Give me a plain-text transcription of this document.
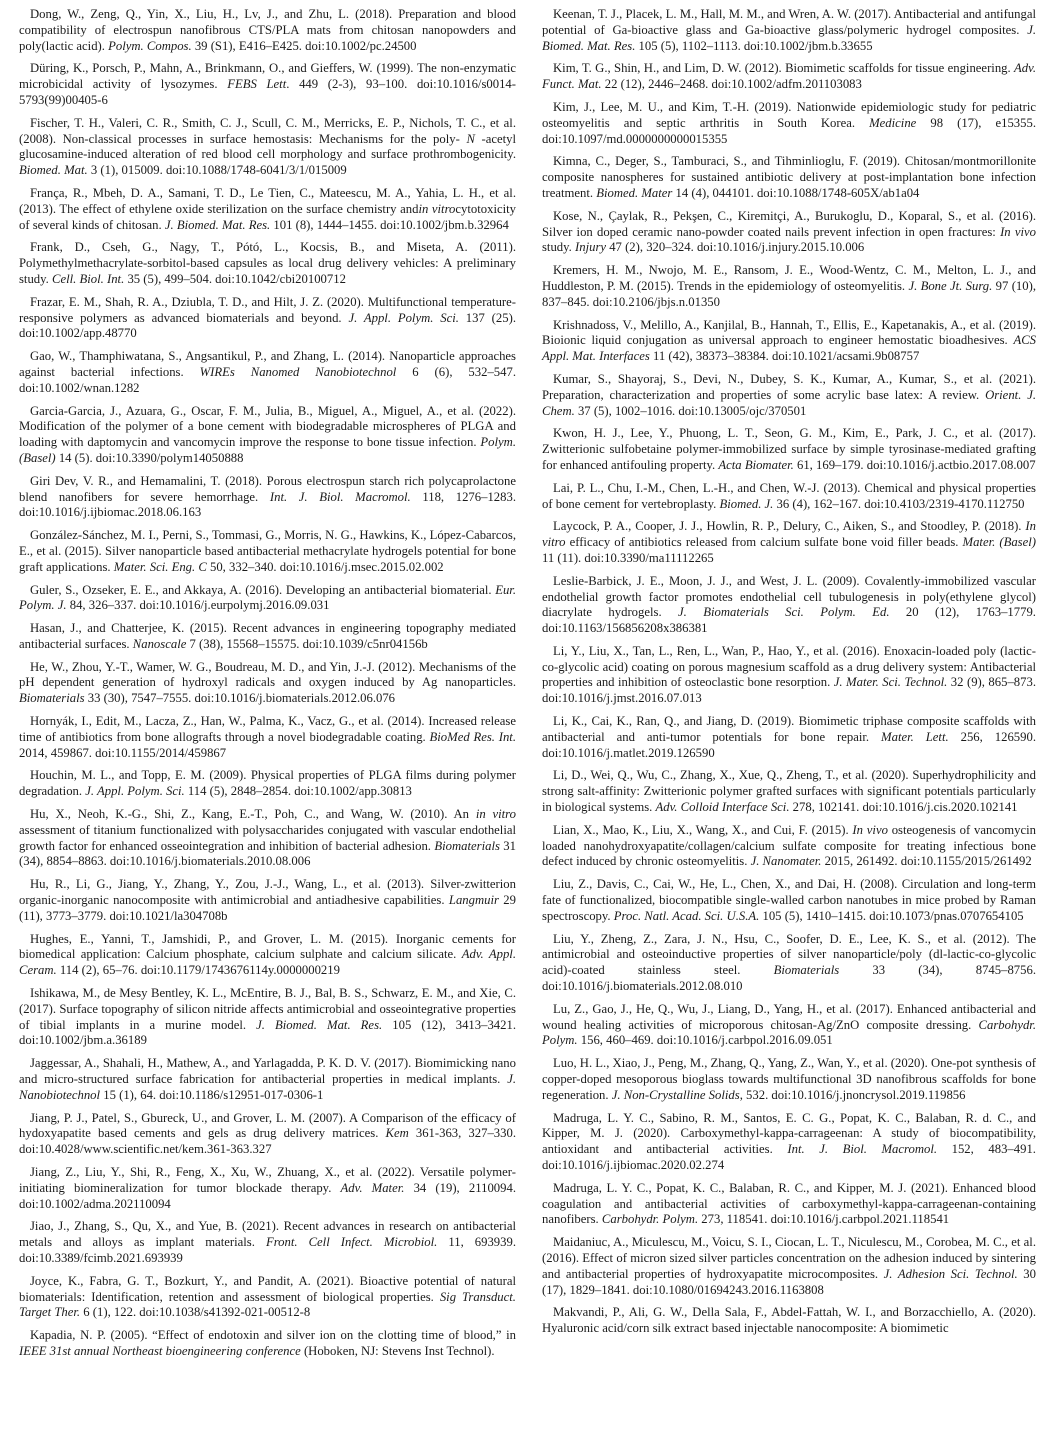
Dong, W., Zeng, Q., Yin, X., Liu, H., Lv, J., and Zhu, L. (2018). Preparation and blood compatibility of electrospun nanofibrous CTS/PLA mats from chitosan nanopowders and poly(lactic acid). Polym. Compos. 39 (S1), E416–E425. doi:10.1002/pc.24500

Düring, K., Porsch, P., Mahn, A., Brinkmann, O., and Gieffers, W. (1999). The non-enzymatic microbicidal activity of lysozymes. FEBS Lett. 449 (2-3), 93–100. doi:10.1016/s0014-5793(99)00405-6

Fischer, T. H., Valeri, C. R., Smith, C. J., Scull, C. M., Merricks, E. P., Nichols, T. C., et al. (2008). Non-classical processes in surface hemostasis: Mechanisms for the poly- N -acetyl glucosamine-induced alteration of red blood cell morphology and surface prothrombogenicity. Biomed. Mat. 3 (1), 015009. doi:10.1088/1748-6041/3/1/015009

França, R., Mbeh, D. A., Samani, T. D., Le Tien, C., Mateescu, M. A., Yahia, L. H., et al. (2013). The effect of ethylene oxide sterilization on the surface chemistry andin vitrocytotoxicity of several kinds of chitosan. J. Biomed. Mat. Res. 101 (8), 1444–1455. doi:10.1002/jbm.b.32964

Frank, D., Cseh, G., Nagy, T., Pótó, L., Kocsis, B., and Miseta, A. (2011). Polymethylmethacrylate-sorbitol-based capsules as local drug delivery vehicles: A preliminary study. Cell. Biol. Int. 35 (5), 499–504. doi:10.1042/cbi20100712

Frazar, E. M., Shah, R. A., Dziubla, T. D., and Hilt, J. Z. (2020). Multifunctional temperature-responsive polymers as advanced biomaterials and beyond. J. Appl. Polym. Sci. 137 (25). doi:10.1002/app.48770

Gao, W., Thamphiwatana, S., Angsantikul, P., and Zhang, L. (2014). Nanoparticle approaches against bacterial infections. WIREs Nanomed Nanobiotechnol 6 (6), 532–547. doi:10.1002/wnan.1282

Garcia-Garcia, J., Azuara, G., Oscar, F. M., Julia, B., Miguel, A., Miguel, A., et al. (2022). Modification of the polymer of a bone cement with biodegradable microspheres of PLGA and loading with daptomycin and vancomycin improve the response to bone tissue infection. Polym. (Basel) 14 (5). doi:10.3390/polym14050888

Giri Dev, V. R., and Hemamalini, T. (2018). Porous electrospun starch rich polycaprolactone blend nanofibers for severe hemorrhage. Int. J. Biol. Macromol. 118, 1276–1283. doi:10.1016/j.ijbiomac.2018.06.163

González-Sánchez, M. I., Perni, S., Tommasi, G., Morris, N. G., Hawkins, K., López-Cabarcos, E., et al. (2015). Silver nanoparticle based antibacterial methacrylate hydrogels potential for bone graft applications. Mater. Sci. Eng. C 50, 332–340. doi:10.1016/j.msec.2015.02.002

Guler, S., Ozseker, E. E., and Akkaya, A. (2016). Developing an antibacterial biomaterial. Eur. Polym. J. 84, 326–337. doi:10.1016/j.eurpolymj.2016.09.031

Hasan, J., and Chatterjee, K. (2015). Recent advances in engineering topography mediated antibacterial surfaces. Nanoscale 7 (38), 15568–15575. doi:10.1039/c5nr04156b

He, W., Zhou, Y.-T., Wamer, W. G., Boudreau, M. D., and Yin, J.-J. (2012). Mechanisms of the pH dependent generation of hydroxyl radicals and oxygen induced by Ag nanoparticles. Biomaterials 33 (30), 7547–7555. doi:10.1016/j.biomaterials.2012.06.076

Hornyák, I., Edit, M., Lacza, Z., Han, W., Palma, K., Vacz, G., et al. (2014). Increased release time of antibiotics from bone allografts through a novel biodegradable coating. BioMed Res. Int. 2014, 459867. doi:10.1155/2014/459867

Houchin, M. L., and Topp, E. M. (2009). Physical properties of PLGA films during polymer degradation. J. Appl. Polym. Sci. 114 (5), 2848–2854. doi:10.1002/app.30813

Hu, X., Neoh, K.-G., Shi, Z., Kang, E.-T., Poh, C., and Wang, W. (2010). An in vitro assessment of titanium functionalized with polysaccharides conjugated with vascular endothelial growth factor for enhanced osseointegration and inhibition of bacterial adhesion. Biomaterials 31 (34), 8854–8863. doi:10.1016/j.biomaterials.2010.08.006

Hu, R., Li, G., Jiang, Y., Zhang, Y., Zou, J.-J., Wang, L., et al. (2013). Silver-zwitterion organic-inorganic nanocomposite with antimicrobial and antiadhesive capabilities. Langmuir 29 (11), 3773–3779. doi:10.1021/la304708b

Hughes, E., Yanni, T., Jamshidi, P., and Grover, L. M. (2015). Inorganic cements for biomedical application: Calcium phosphate, calcium sulphate and calcium silicate. Adv. Appl. Ceram. 114 (2), 65–76. doi:10.1179/1743676114y.0000000219

Ishikawa, M., de Mesy Bentley, K. L., McEntire, B. J., Bal, B. S., Schwarz, E. M., and Xie, C. (2017). Surface topography of silicon nitride affects antimicrobial and osseointegrative properties of tibial implants in a murine model. J. Biomed. Mat. Res. 105 (12), 3413–3421. doi:10.1002/jbm.a.36189

Jaggessar, A., Shahali, H., Mathew, A., and Yarlagadda, P. K. D. V. (2017). Biomimicking nano and micro-structured surface fabrication for antibacterial properties in medical implants. J. Nanobiotechnol 15 (1), 64. doi:10.1186/s12951-017-0306-1

Jiang, P. J., Patel, S., Gbureck, U., and Grover, L. M. (2007). A Comparison of the efficacy of hydoxyapatite based cements and gels as drug delivery matrices. Kem 361-363, 327–330. doi:10.4028/www.scientific.net/kem.361-363.327

Jiang, Z., Liu, Y., Shi, R., Feng, X., Xu, W., Zhuang, X., et al. (2022). Versatile polymer-initiating biomineralization for tumor blockade therapy. Adv. Mater. 34 (19), 2110094. doi:10.1002/adma.202110094

Jiao, J., Zhang, S., Qu, X., and Yue, B. (2021). Recent advances in research on antibacterial metals and alloys as implant materials. Front. Cell Infect. Microbiol. 11, 693939. doi:10.3389/fcimb.2021.693939

Joyce, K., Fabra, G. T., Bozkurt, Y., and Pandit, A. (2021). Bioactive potential of natural biomaterials: Identification, retention and assessment of biological properties. Sig Transduct. Target Ther. 6 (1), 122. doi:10.1038/s41392-021-00512-8

Kapadia, N. P. (2005). “Effect of endotoxin and silver ion on the clotting time of blood,” in IEEE 31st annual Northeast bioengineering conference (Hoboken, NJ: Stevens Inst Technol).

Keenan, T. J., Placek, L. M., Hall, M. M., and Wren, A. W. (2017). Antibacterial and antifungal potential of Ga-bioactive glass and Ga-bioactive glass/polymeric hydrogel composites. J. Biomed. Mat. Res. 105 (5), 1102–1113. doi:10.1002/jbm.b.33655

Kim, T. G., Shin, H., and Lim, D. W. (2012). Biomimetic scaffolds for tissue engineering. Adv. Funct. Mat. 22 (12), 2446–2468. doi:10.1002/adfm.201103083

Kim, J., Lee, M. U., and Kim, T.-H. (2019). Nationwide epidemiologic study for pediatric osteomyelitis and septic arthritis in South Korea. Medicine 98 (17), e15355. doi:10.1097/md.0000000000015355

Kimna, C., Deger, S., Tamburaci, S., and Tihminlioglu, F. (2019). Chitosan/montmorillonite composite nanospheres for sustained antibiotic delivery at post-implantation bone infection treatment. Biomed. Mater 14 (4), 044101. doi:10.1088/1748-605X/ab1a04

Kose, N., Çaylak, R., Pekşen, C., Kiremitçi, A., Burukoglu, D., Koparal, S., et al. (2016). Silver ion doped ceramic nano-powder coated nails prevent infection in open fractures: In vivo study. Injury 47 (2), 320–324. doi:10.1016/j.injury.2015.10.006

Kremers, H. M., Nwojo, M. E., Ransom, J. E., Wood-Wentz, C. M., Melton, L. J., and Huddleston, P. M. (2015). Trends in the epidemiology of osteomyelitis. J. Bone Jt. Surg. 97 (10), 837–845. doi:10.2106/jbjs.n.01350

Krishnadoss, V., Melillo, A., Kanjilal, B., Hannah, T., Ellis, E., Kapetanakis, A., et al. (2019). Bioionic liquid conjugation as universal approach to engineer hemostatic bioadhesives. ACS Appl. Mat. Interfaces 11 (42), 38373–38384. doi:10.1021/acsami.9b08757

Kumar, S., Shayoraj, S., Devi, N., Dubey, S. K., Kumar, A., Kumar, S., et al. (2021). Preparation, characterization and properties of some acrylic base latex: A review. Orient. J. Chem. 37 (5), 1002–1016. doi:10.13005/ojc/370501

Kwon, H. J., Lee, Y., Phuong, L. T., Seon, G. M., Kim, E., Park, J. C., et al. (2017). Zwitterionic sulfobetaine polymer-immobilized surface by simple tyrosinase-mediated grafting for enhanced antifouling property. Acta Biomater. 61, 169–179. doi:10.1016/j.actbio.2017.08.007

Lai, P. L., Chu, I.-M., Chen, L.-H., and Chen, W.-J. (2013). Chemical and physical properties of bone cement for vertebroplasty. Biomed. J. 36 (4), 162–167. doi:10.4103/2319-4170.112750

Laycock, P. A., Cooper, J. J., Howlin, R. P., Delury, C., Aiken, S., and Stoodley, P. (2018). In vitro efficacy of antibiotics released from calcium sulfate bone void filler beads. Mater. (Basel) 11 (11). doi:10.3390/ma11112265

Leslie-Barbick, J. E., Moon, J. J., and West, J. L. (2009). Covalently-immobilized vascular endothelial growth factor promotes endothelial cell tubulogenesis in poly(ethylene glycol) diacrylate hydrogels. J. Biomaterials Sci. Polym. Ed. 20 (12), 1763–1779. doi:10.1163/156856208x386381

Li, Y., Liu, X., Tan, L., Ren, L., Wan, P., Hao, Y., et al. (2016). Enoxacin-loaded poly (lactic-co-glycolic acid) coating on porous magnesium scaffold as a drug delivery system: Antibacterial properties and inhibition of osteoclastic bone resorption. J. Mater. Sci. Technol. 32 (9), 865–873. doi:10.1016/j.jmst.2016.07.013

Li, K., Cai, K., Ran, Q., and Jiang, D. (2019). Biomimetic triphase composite scaffolds with antibacterial and anti-tumor potentials for bone repair. Mater. Lett. 256, 126590. doi:10.1016/j.matlet.2019.126590

Li, D., Wei, Q., Wu, C., Zhang, X., Xue, Q., Zheng, T., et al. (2020). Superhydrophilicity and strong salt-affinity: Zwitterionic polymer grafted surfaces with significant potentials particularly in biological systems. Adv. Colloid Interface Sci. 278, 102141. doi:10.1016/j.cis.2020.102141

Lian, X., Mao, K., Liu, X., Wang, X., and Cui, F. (2015). In vivo osteogenesis of vancomycin loaded nanohydroxyapatite/collagen/calcium sulfate composite for treating infectious bone defect induced by chronic osteomyelitis. J. Nanomater. 2015, 261492. doi:10.1155/2015/261492

Liu, Z., Davis, C., Cai, W., He, L., Chen, X., and Dai, H. (2008). Circulation and long-term fate of functionalized, biocompatible single-walled carbon nanotubes in mice probed by Raman spectroscopy. Proc. Natl. Acad. Sci. U.S.A. 105 (5), 1410–1415. doi:10.1073/pnas.0707654105

Liu, Y., Zheng, Z., Zara, J. N., Hsu, C., Soofer, D. E., Lee, K. S., et al. (2012). The antimicrobial and osteoinductive properties of silver nanoparticle/poly (dl-lactic-co-glycolic acid)-coated stainless steel. Biomaterials 33 (34), 8745–8756. doi:10.1016/j.biomaterials.2012.08.010

Lu, Z., Gao, J., He, Q., Wu, J., Liang, D., Yang, H., et al. (2017). Enhanced antibacterial and wound healing activities of microporous chitosan-Ag/ZnO composite dressing. Carbohydr. Polym. 156, 460–469. doi:10.1016/j.carbpol.2016.09.051

Luo, H. L., Xiao, J., Peng, M., Zhang, Q., Yang, Z., Wan, Y., et al. (2020). One-pot synthesis of copper-doped mesoporous bioglass towards multifunctional 3D nanofibrous scaffolds for bone regeneration. J. Non-Crystalline Solids, 532. doi:10.1016/j.jnoncrysol.2019.119856

Madruga, L. Y. C., Sabino, R. M., Santos, E. C. G., Popat, K. C., Balaban, R. d. C., and Kipper, M. J. (2020). Carboxymethyl-kappa-carrageenan: A study of biocompatibility, antioxidant and antibacterial activities. Int. J. Biol. Macromol. 152, 483–491. doi:10.1016/j.ijbiomac.2020.02.274

Madruga, L. Y. C., Popat, K. C., Balaban, R. C., and Kipper, M. J. (2021). Enhanced blood coagulation and antibacterial activities of carboxymethyl-kappa-carrageenan-containing nanofibers. Carbohydr. Polym. 273, 118541. doi:10.1016/j.carbpol.2021.118541

Maidaniuc, A., Miculescu, M., Voicu, S. I., Ciocan, L. T., Niculescu, M., Corobea, M. C., et al. (2016). Effect of micron sized silver particles concentration on the adhesion induced by sintering and antibacterial properties of hydroxyapatite microcomposites. J. Adhesion Sci. Technol. 30 (17), 1829–1841. doi:10.1080/01694243.2016.1163808

Makvandi, P., Ali, G. W., Della Sala, F., Abdel-Fattah, W. I., and Borzacchiello, A. (2020). Hyaluronic acid/corn silk extract based injectable nanocomposite: A biomimetic
